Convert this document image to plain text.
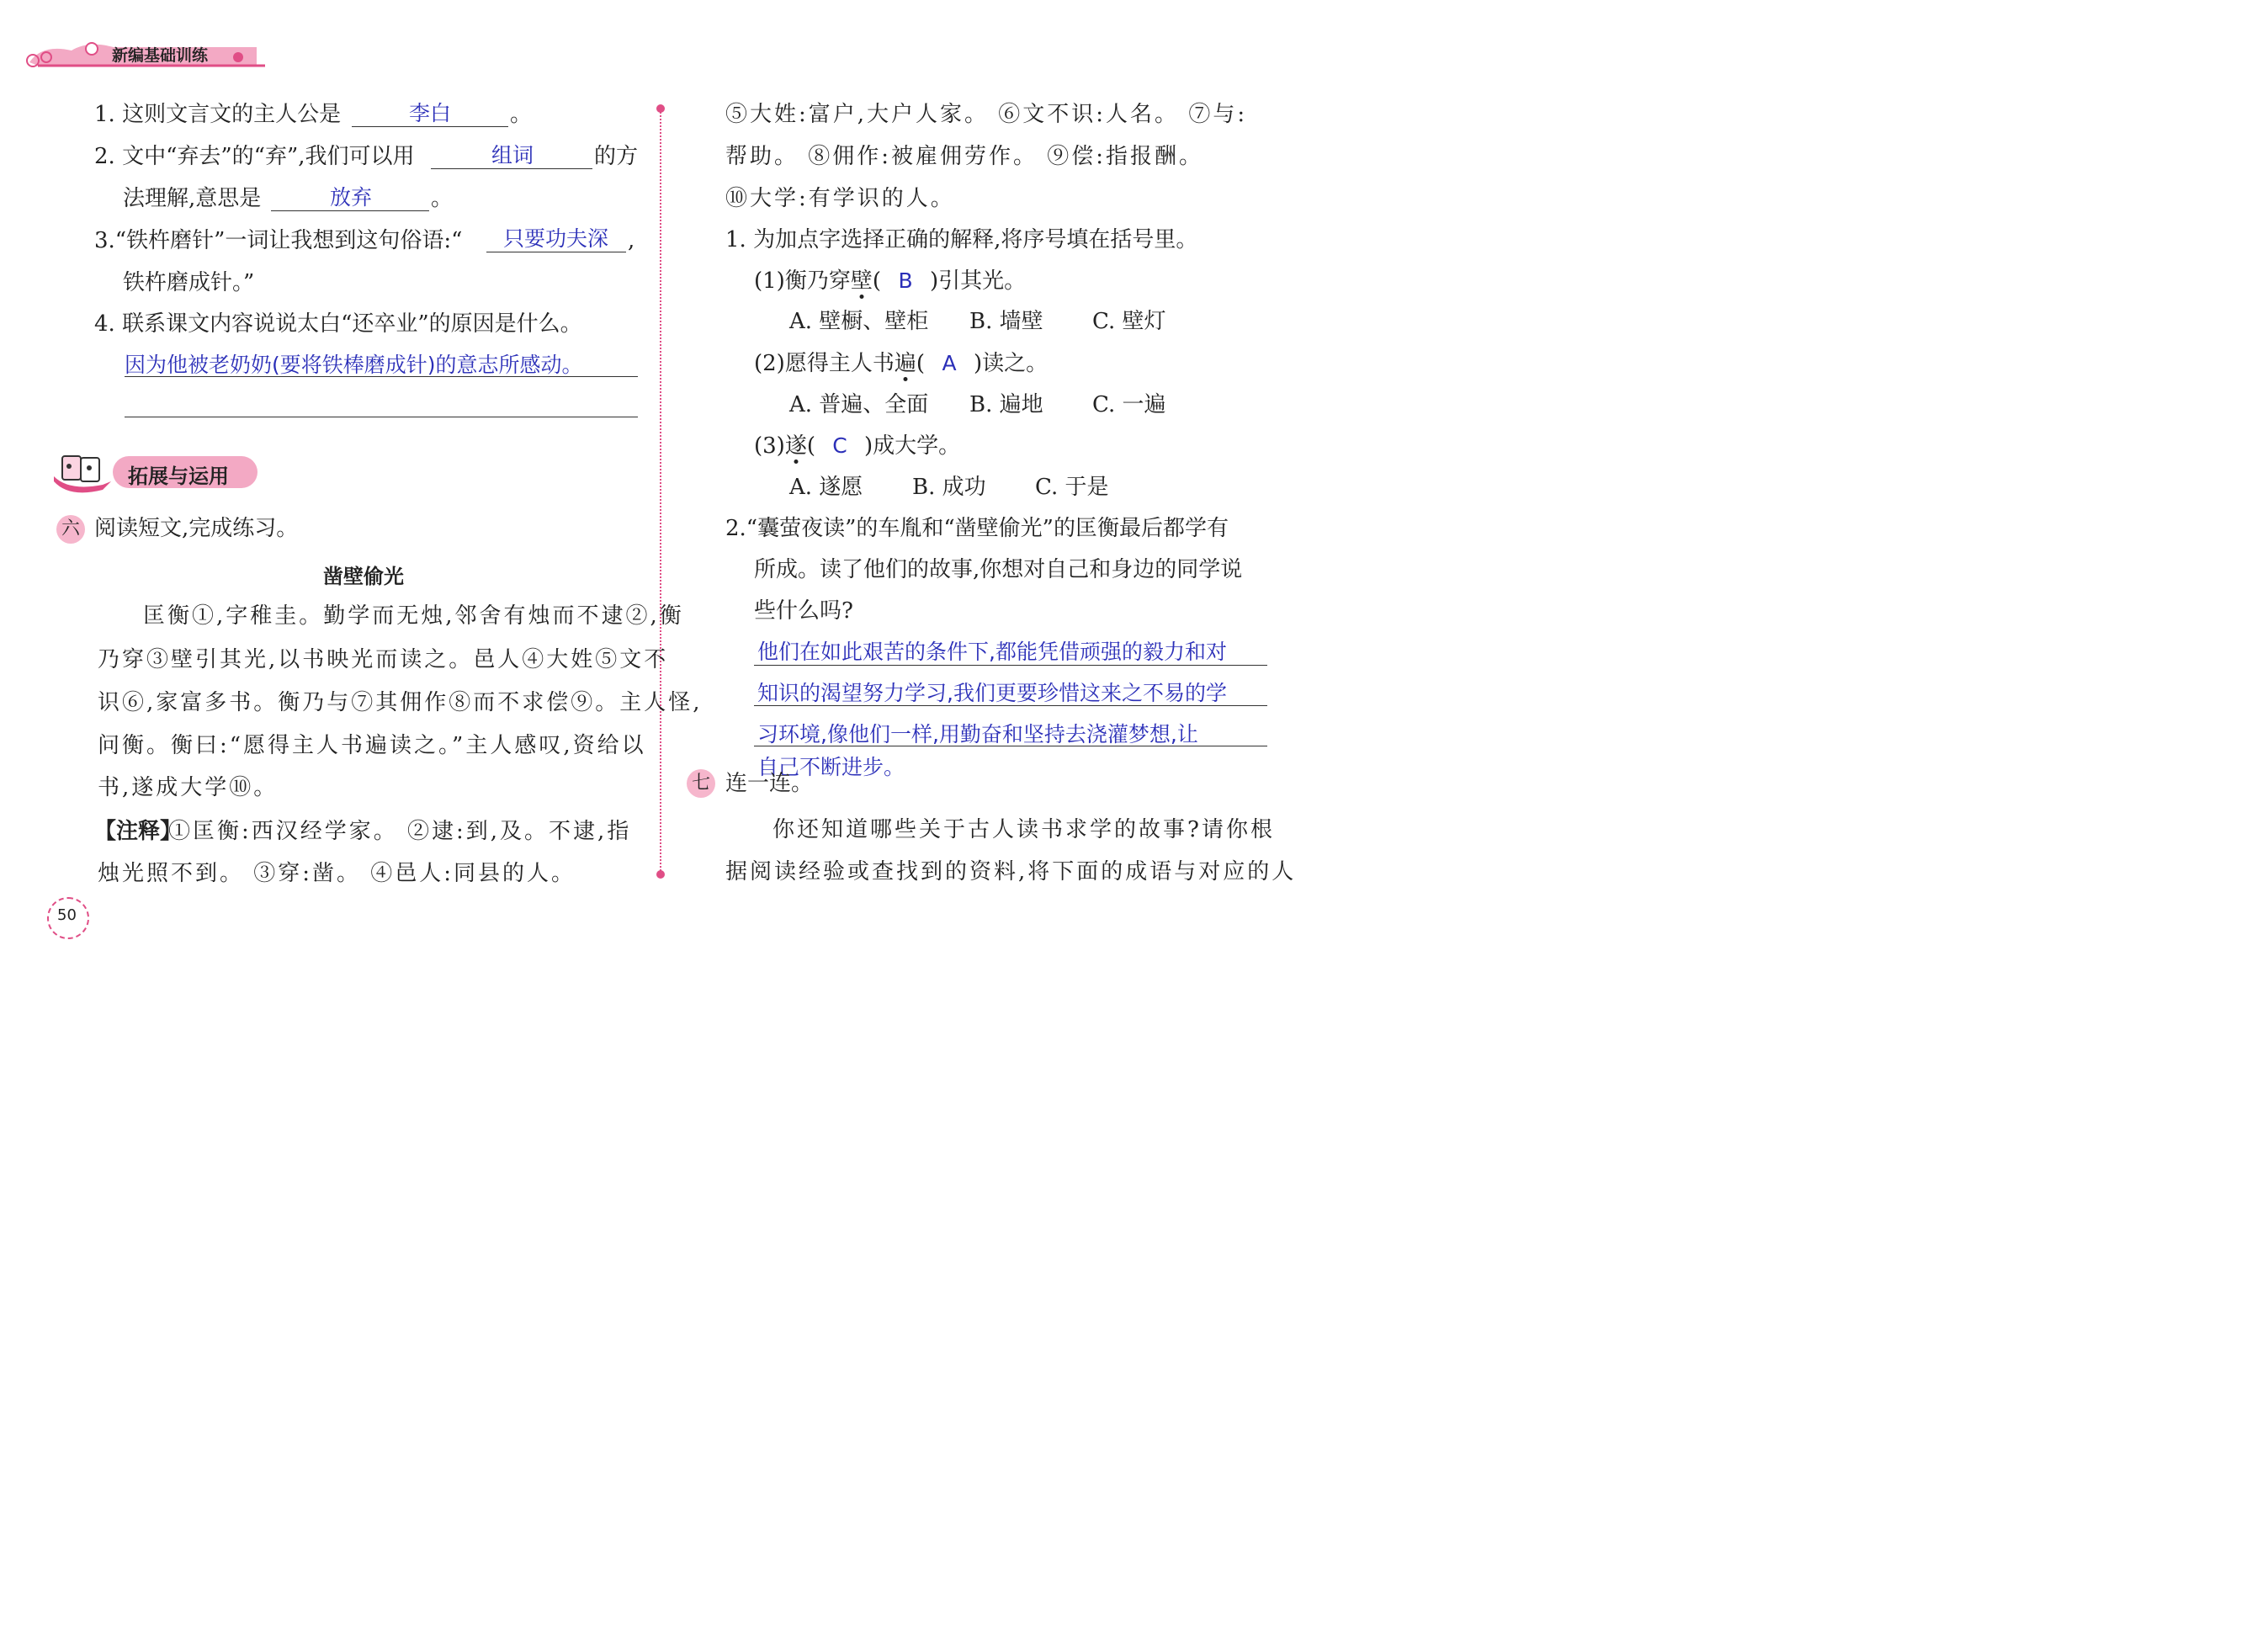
新编基础训练
1. 这则文言文的主人公是	李白	。
2. 文中“弃去”的“弃”,我们可以用	组词	的方
法理解,意思是	放弃	。
3.“铁杵磨针”一词让我想到这句俗语:“ 只要功夫深 ,
铁杵磨成针。”
4. 联系课文内容说说太白“还卒业”的原因是什么。
因为他被老奶奶(要将铁棒磨成针)的意志所感动。
拓展与运用
六 阅读短文,完成练习。
凿壁偷光
匡衡①,字稚圭。勤学而无烛,邻舍有烛而不逮②,衡
乃穿③壁引其光,以书映光而读之。邑人④大姓⑤文不
识⑥,家富多书。衡乃与⑦其佣作⑧而不求偿⑨。主人怪,
问衡。衡曰:“愿得主人书遍读之。”主人感叹,资给以
书,遂成大学⑩。
【注释】
①匡衡:西汉经学家。 ②逮:到,及。不逮,指
烛光照不到。 ③穿:凿。 ④邑人:同县的人。
50
⑤大姓:富户,大户人家。 ⑥文不识:人名。 ⑦与:
帮助。 ⑧佣作:被雇佣劳作。 ⑨偿:指报酬。
⑩大学:有学识的人。
1. 为加点字选择正确的解释,将序号填在括号里。
(1)衡乃穿壁( B )引其光。
A. 壁橱、壁柜 B. 墙壁 C. 壁灯
(2)愿得主人书遍( A )读之。
A. 普遍、全面 B. 遍地 C. 一遍
(3)遂( C )成大学。
A. 遂愿 B. 成功 C. 于是
2.“囊萤夜读”的车胤和“凿壁偷光”的匡衡最后都学有
所成。读了他们的故事,你想对自己和身边的同学说
些什么吗?
他们在如此艰苦的条件下,都能凭借顽强的毅力和对
知识的渴望努力学习,我们更要珍惜这来之不易的学
习环境,像他们一样,用勤奋和坚持去浇灌梦想,让
自己不断进步。
七 连一连。
你还知道哪些关于古人读书求学的故事?请你根
据阅读经验或查找到的资料,将下面的成语与对应的人
